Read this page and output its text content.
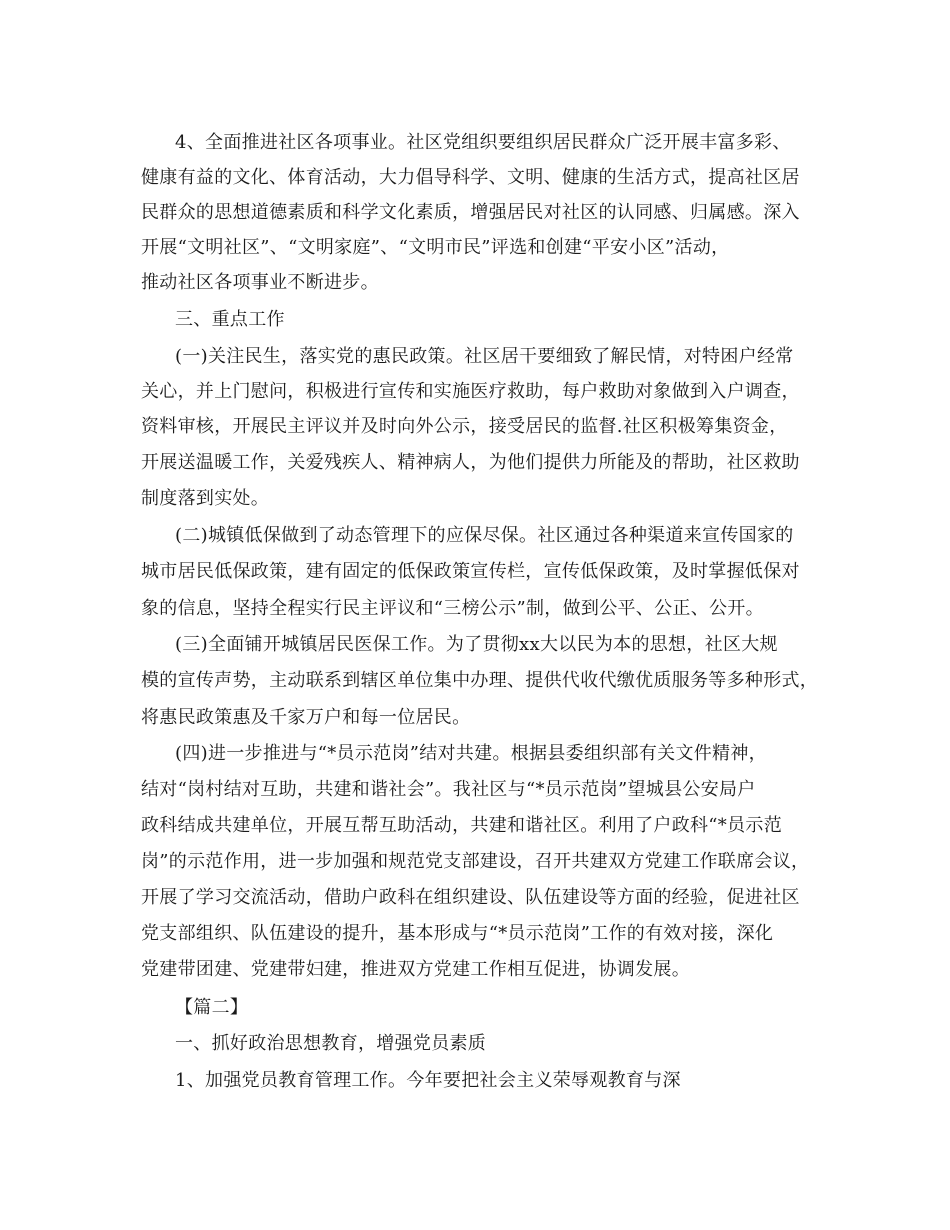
4、全面推进社区各项事业。社区党组织要组织居民群众广泛开展丰富多彩、
健康有益的文化、体育活动，大力倡导科学、文明、健康的生活方式，提高社区居
民群众的思想道德素质和科学文化素质，增强居民对社区的认同感、归属感。深入
开展“文明社区”、“文明家庭”、“文明市民”评选和创建“平安小区”活动，
推动社区各项事业不断进步。
三、重点工作
(一)关注民生，落实党的惠民政策。社区居干要细致了解民情，对特困户经常
关心，并上门慰问，积极进行宣传和实施医疗救助，每户救助对象做到入户调查，
资料审核，开展民主评议并及时向外公示，接受居民的监督.社区积极筹集资金，
开展送温暖工作，关爱残疾人、精神病人，为他们提供力所能及的帮助，社区救助
制度落到实处。
(二)城镇低保做到了动态管理下的应保尽保。社区通过各种渠道来宣传国家的
城市居民低保政策，建有固定的低保政策宣传栏，宣传低保政策，及时掌握低保对
象的信息，坚持全程实行民主评议和“三榜公示”制，做到公平、公正、公开。
(三)全面铺开城镇居民医保工作。为了贯彻xx大以民为本的思想，社区大规
模的宣传声势，主动联系到辖区单位集中办理、提供代收代缴优质服务等多种形式，
将惠民政策惠及千家万户和每一位居民。
(四)进一步推进与“*员示范岗”结对共建。根据县委组织部有关文件精神，
结对“岗村结对互助，共建和谐社会”。我社区与“*员示范岗”望城县公安局户
政科结成共建单位，开展互帮互助活动，共建和谐社区。利用了户政科“*员示范
岗”的示范作用，进一步加强和规范党支部建设，召开共建双方党建工作联席会议，
开展了学习交流活动，借助户政科在组织建设、队伍建设等方面的经验，促进社区
党支部组织、队伍建设的提升，基本形成与“*员示范岗”工作的有效对接，深化
党建带团建、党建带妇建，推进双方党建工作相互促进，协调发展。
【篇二】
一、抓好政治思想教育，增强党员素质
1、加强党员教育管理工作。今年要把社会主义荣辱观教育与深
